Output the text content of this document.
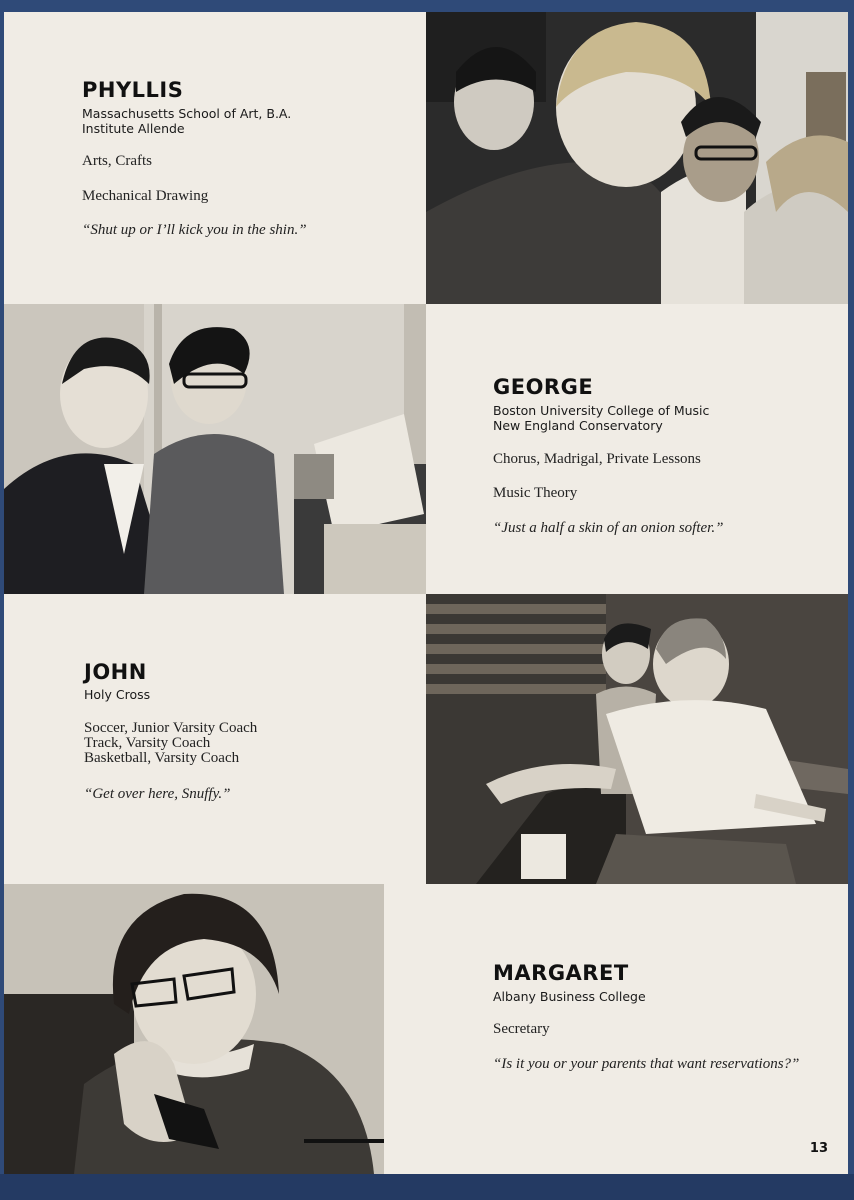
PHYLLIS
Massachusetts School of Art, B.A.
Institute Allende
Arts, Crafts
Mechanical Drawing
“Shut up or I’ll kick you in the shin.”
GEORGE
Boston University College of Music
New England Conservatory
Chorus, Madrigal, Private Lessons
Music Theory
“Just a half a skin of an onion softer.”
JOHN
Holy Cross
Soccer, Junior Varsity Coach
Track, Varsity Coach
Basketball, Varsity Coach
“Get over here, Snuffy.”
MARGARET
Albany Business College
Secretary
“Is it you or your parents that want reservations?”
13
